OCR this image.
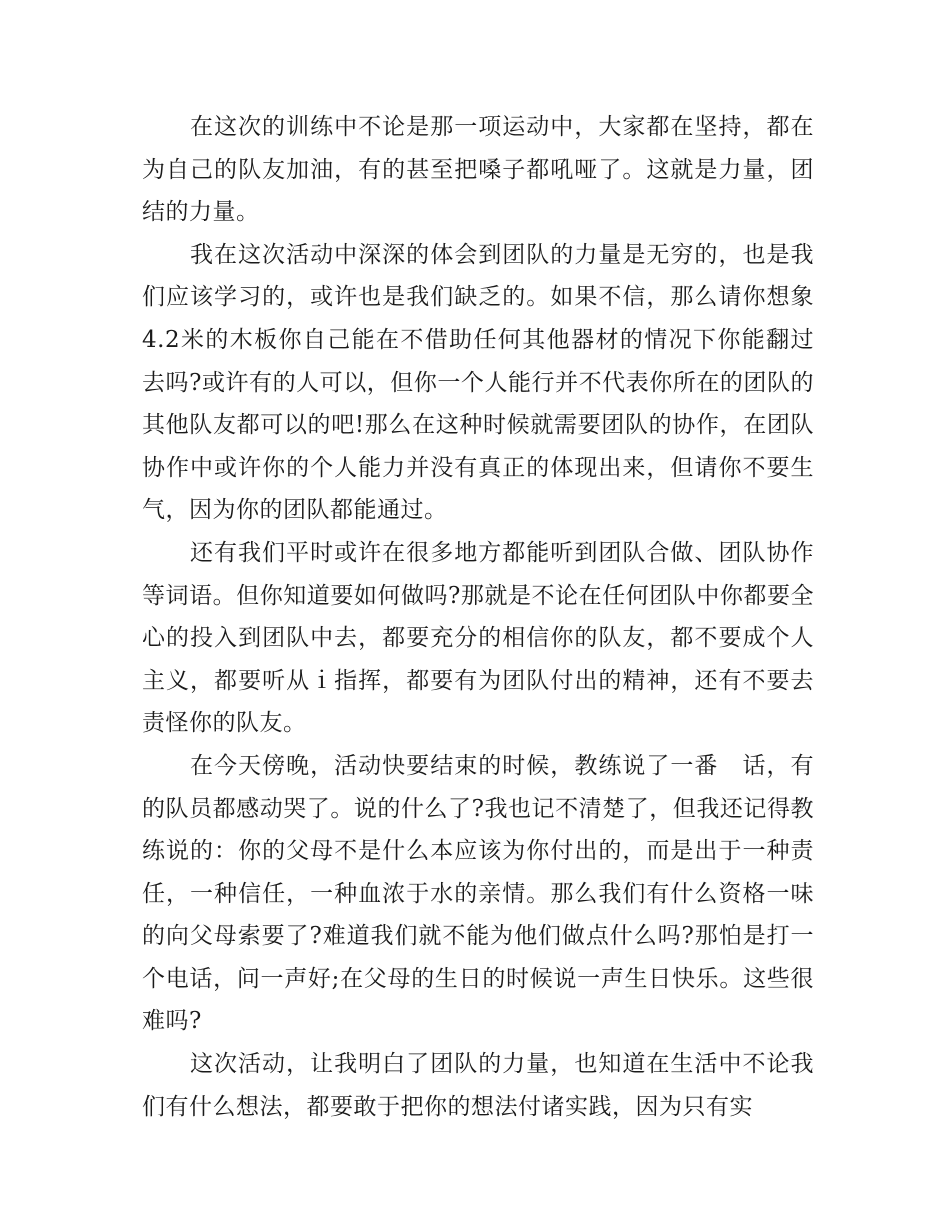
在这次的训练中不论是那一项运动中，大家都在坚持，都在为自己的队友加油，有的甚至把嗓子都吼哑了。这就是力量，团结的力量。

我在这次活动中深深的体会到团队的力量是无穷的，也是我们应该学习的，或许也是我们缺乏的。如果不信，那么请你想象4.2米的木板你自己能在不借助任何其他器材的情况下你能翻过去吗?或许有的人可以，但你一个人能行并不代表你所在的团队的其他队友都可以的吧!那么在这种时候就需要团队的协作，在团队协作中或许你的个人能力并没有真正的体现出来，但请你不要生气，因为你的团队都能通过。

还有我们平时或许在很多地方都能听到团队合做、团队协作等词语。但你知道要如何做吗?那就是不论在任何团队中你都要全心的投入到团队中去，都要充分的相信你的队友，都不要成个人主义，都要听从ｉ指挥，都要有为团队付出的精神，还有不要去责怪你的队友。

在今天傍晚，活动快要结束的时候，教练说了一番　话，有的队员都感动哭了。说的什么了?我也记不清楚了，但我还记得教练说的：你的父母不是什么本应该为你付出的，而是出于一种责任，一种信任，一种血浓于水的亲情。那么我们有什么资格一味的向父母索要了?难道我们就不能为他们做点什么吗?那怕是打一个电话，问一声好;在父母的生日的时候说一声生日快乐。这些很难吗?

这次活动，让我明白了团队的力量，也知道在生活中不论我们有什么想法，都要敢于把你的想法付诸实践，因为只有实
